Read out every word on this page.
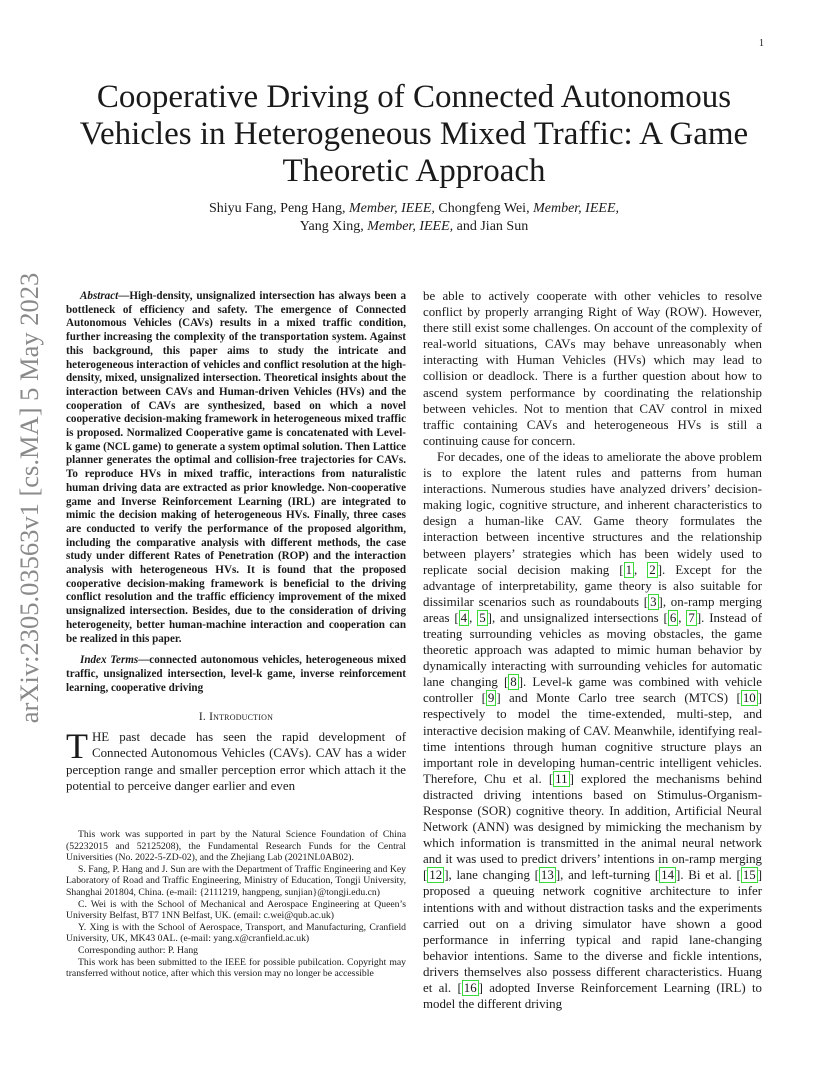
1
arXiv:2305.03563v1 [cs.MA] 5 May 2023
Cooperative Driving of Connected Autonomous Vehicles in Heterogeneous Mixed Traffic: A Game Theoretic Approach
Shiyu Fang, Peng Hang, Member, IEEE, Chongfeng Wei, Member, IEEE,
Yang Xing, Member, IEEE, and Jian Sun

Abstract—High-density, unsignalized intersection has always been a bottleneck of efficiency and safety. The emergence of Connected Autonomous Vehicles (CAVs) results in a mixed traffic condition, further increasing the complexity of the transportation system. Against this background, this paper aims to study the intricate and heterogeneous interaction of vehicles and conflict resolution at the high-density, mixed, unsignalized intersection. Theoretical insights about the interaction between CAVs and Human-driven Vehicles (HVs) and the cooperation of CAVs are synthesized, based on which a novel cooperative decision-making framework in heterogeneous mixed traffic is proposed. Normalized Cooperative game is concatenated with Level-k game (NCL game) to generate a system optimal solution. Then Lattice planner generates the optimal and collision-free trajectories for CAVs. To reproduce HVs in mixed traffic, interactions from naturalistic human driving data are extracted as prior knowledge. Non-cooperative game and Inverse Reinforcement Learning (IRL) are integrated to mimic the decision making of heterogeneous HVs. Finally, three cases are conducted to verify the performance of the proposed algorithm, including the comparative analysis with different methods, the case study under different Rates of Penetration (ROP) and the interaction analysis with heterogeneous HVs. It is found that the proposed cooperative decision-making framework is beneficial to the driving conflict resolution and the traffic efficiency improvement of the mixed unsignalized intersection. Besides, due to the consideration of driving heterogeneity, better human-machine interaction and cooperation can be realized in this paper.

Index Terms—connected autonomous vehicles, heterogeneous mixed traffic, unsignalized intersection, level-k game, inverse reinforcement learning, cooperative driving

I. Introduction

THE past decade has seen the rapid development of Connected Autonomous Vehicles (CAVs). CAV has a wider perception range and smaller perception error which attach it the potential to perceive danger earlier and even

This work was supported in part by the Natural Science Foundation of China (52232015 and 52125208), the Fundamental Research Funds for the Central Universities (No. 2022-5-ZD-02), and the Zhejiang Lab (2021NL0AB02).

S. Fang, P. Hang and J. Sun are with the Department of Traffic Engineering and Key Laboratory of Road and Traffic Engineering, Ministry of Education, Tongji University, Shanghai 201804, China. (e-mail: {2111219, hangpeng, sunjian}@tongji.edu.cn)

C. Wei is with the School of Mechanical and Aerospace Engineering at Queen’s University Belfast, BT7 1NN Belfast, UK. (email: c.wei@qub.ac.uk)

Y. Xing is with the School of Aerospace, Transport, and Manufacturing, Cranfield University, UK, MK43 0AL. (e-mail: yang.x@cranfield.ac.uk)

Corresponding author: P. Hang

This work has been submitted to the IEEE for possible pubilcation. Copyright may transferred without notice, after which this version may no longer be accessible

be able to actively cooperate with other vehicles to resolve conflict by properly arranging Right of Way (ROW). However, there still exist some challenges. On account of the complexity of real-world situations, CAVs may behave unreasonably when interacting with Human Vehicles (HVs) which may lead to collision or deadlock. There is a further question about how to ascend system performance by coordinating the relationship between vehicles. Not to mention that CAV control in mixed traffic containing CAVs and heterogeneous HVs is still a continuing cause for concern.

For decades, one of the ideas to ameliorate the above problem is to explore the latent rules and patterns from human interactions. Numerous studies have analyzed drivers’ decision-making logic, cognitive structure, and inherent characteristics to design a human-like CAV. Game theory formulates the interaction between incentive structures and the relationship between players’ strategies which has been widely used to replicate social decision making [ 1 , 2 ]. Except for the advantage of interpretability, game theory is also suitable for dissimilar scenarios such as roundabouts [ 3 ], on-ramp merging areas [ 4 , 5 ], and unsignalized intersections [ 6 , 7 ]. Instead of treating surrounding vehicles as moving obstacles, the game theoretic approach was adapted to mimic human behavior by dynamically interacting with surrounding vehicles for automatic lane changing [ 8 ]. Level-k game was combined with vehicle controller [ 9 ] and Monte Carlo tree search (MTCS) [ 10 ] respectively to model the time-extended, multi-step, and interactive decision making of CAV. Meanwhile, identifying real-time intentions through human cognitive structure plays an important role in developing human-centric intelligent vehicles. Therefore, Chu et al. [ 11 ] explored the mechanisms behind distracted driving intentions based on Stimulus-Organism-Response (SOR) cognitive theory. In addition, Artificial Neural Network (ANN) was designed by mimicking the mechanism by which information is transmitted in the animal neural network and it was used to predict drivers’ intentions in on-ramp merging [ 12 ], lane changing [ 13 ], and left-turning [ 14 ]. Bi et al. [ 15 ] proposed a queuing network cognitive architecture to infer intentions with and without distraction tasks and the experiments carried out on a driving simulator have shown a good performance in inferring typical and rapid lane-changing behavior intentions. Same to the diverse and fickle intentions, drivers themselves also possess different characteristics. Huang et al. [ 16 ] adopted Inverse Reinforcement Learning (IRL) to model the different driving
